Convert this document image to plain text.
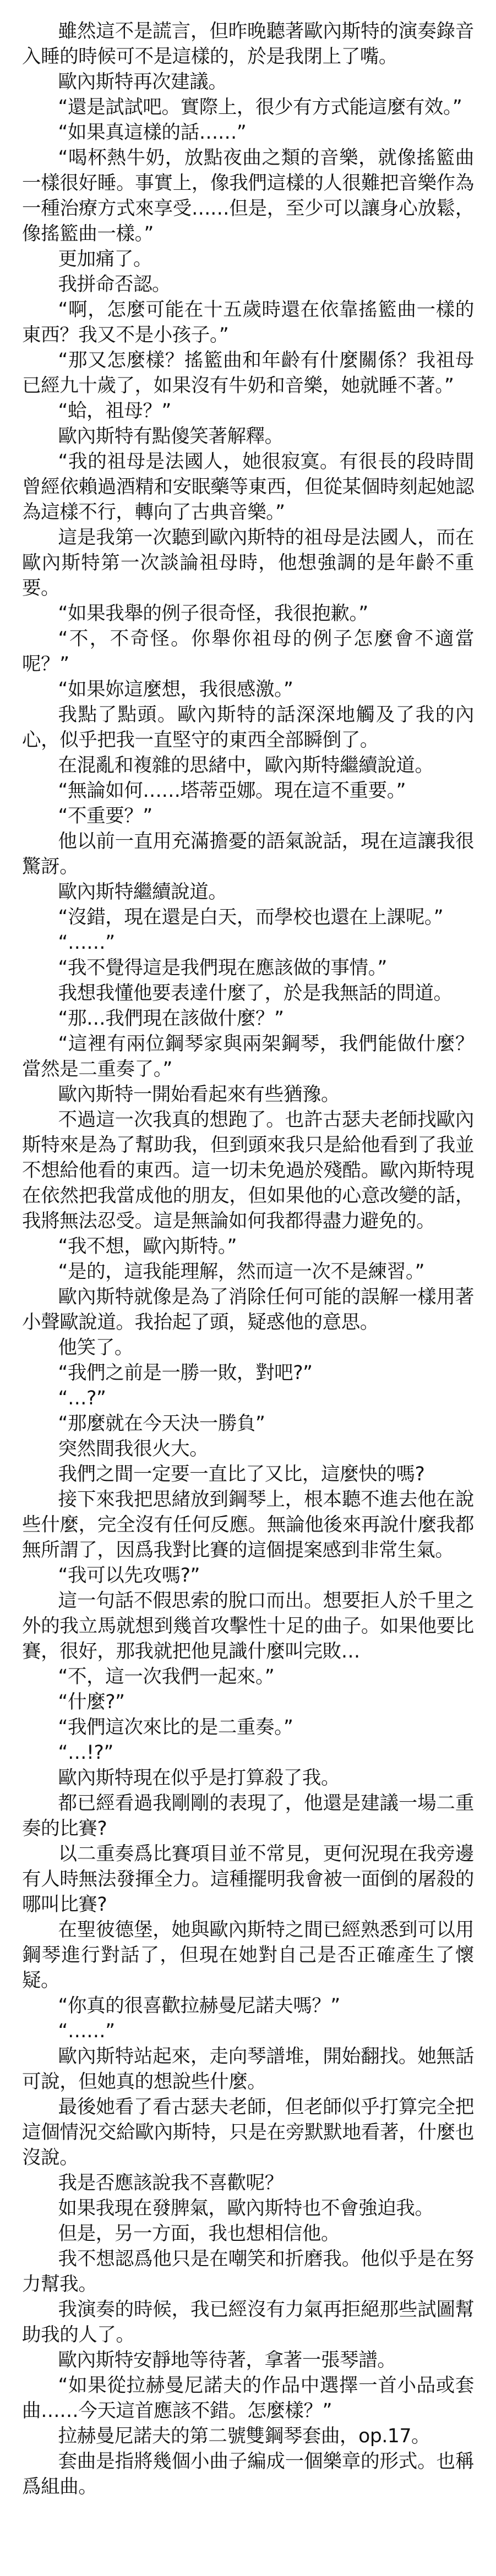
雖然這不是謊言，但昨晚聽著歐內斯特的演奏錄音入睡的時候可不是這樣的，於是我閉上了嘴。

歐內斯特再次建議。

“還是試試吧。實際上，很少有方式能這麼有效。”

“如果真這樣的話……”

“喝杯熱牛奶，放點夜曲之類的音樂，就像搖籃曲一樣很好睡。事實上，像我們這樣的人很難把音樂作為一種治療方式來享受……但是，至少可以讓身心放鬆，像搖籃曲一樣。”

更加痛了。

我拼命否認。

“啊，怎麼可能在十五歲時還在依靠搖籃曲一樣的東西？我又不是小孩子。”

“那又怎麼樣？搖籃曲和年齡有什麼關係？我祖母已經九十歲了，如果沒有牛奶和音樂，她就睡不著。”

“蛤，祖母？”

歐內斯特有點傻笑著解釋。

“我的祖母是法國人，她很寂寞。有很長的段時間曾經依賴過酒精和安眠藥等東西，但從某個時刻起她認為這樣不行，轉向了古典音樂。”

這是我第一次聽到歐內斯特的祖母是法國人，而在歐內斯特第一次談論祖母時，他想強調的是年齡不重要。

“如果我舉的例子很奇怪，我很抱歉。”

“不，不奇怪。你舉你祖母的例子怎麼會不適當呢？”

“如果妳這麼想，我很感激。”

我點了點頭。歐內斯特的話深深地觸及了我的內心，似乎把我一直堅守的東西全部瞬倒了。

在混亂和複雜的思緒中，歐內斯特繼續說道。

“無論如何……塔蒂亞娜。現在這不重要。”

“不重要？”

他以前一直用充滿擔憂的語氣說話，現在這讓我很驚訝。

歐內斯特繼續說道。

“沒錯，現在還是白天，而學校也還在上課呢。”

“……”

“我不覺得這是我們現在應該做的事情。”

我想我懂他要表達什麼了，於是我無話的問道。

“那…我們現在該做什麼？”

“這裡有兩位鋼琴家與兩架鋼琴，我們能做什麼？當然是二重奏了。”

歐內斯特一開始看起來有些猶豫。

不過這一次我真的想跑了。也許古瑟夫老師找歐內斯特來是為了幫助我，但到頭來我只是給他看到了我並不想給他看的東西。這一切未免過於殘酷。歐內斯特現在依然把我當成他的朋友，但如果他的心意改變的話，我將無法忍受。這是無論如何我都得盡力避免的。

“我不想，歐內斯特。”

“是的，這我能理解，然而這一次不是練習。”

歐內斯特就像是為了消除任何可能的誤解一樣用著小聲歐說道。我抬起了頭，疑惑他的意思。

他笑了。

“我們之前是一勝一敗，對吧?”

“…?”

“那麼就在今天決一勝負”

突然間我很火大。

我們之間一定要一直比了又比，這麼快的嗎?

接下來我把思緒放到鋼琴上，根本聽不進去他在說些什麼，完全沒有任何反應。無論他後來再說什麼我都無所謂了，因爲我對比賽的這個提案感到非常生氣。

“我可以先攻嗎?”

這一句話不假思索的脫口而出。想要拒人於千里之外的我立馬就想到幾首攻擊性十足的曲子。如果他要比賽，很好，那我就把他見識什麼叫完敗…

“不，這一次我們一起來。”

“什麼?”

“我們這次來比的是二重奏。”

“…!?”

歐內斯特現在似乎是打算殺了我。

都已經看過我剛剛的表現了，他還是建議一場二重奏的比賽?

以二重奏爲比賽項目並不常見，更何況現在我旁邊有人時無法發揮全力。這種擺明我會被一面倒的屠殺的哪叫比賽?

在聖彼德堡，她與歐內斯特之間已經熟悉到可以用鋼琴進行對話了，但現在她對自己是否正確產生了懷疑。

“你真的很喜歡拉赫曼尼諾夫嗎？”

“……”

歐內斯特站起來，走向琴譜堆，開始翻找。她無話可說，但她真的想說些什麼。

最後她看了看古瑟夫老師，但老師似乎打算完全把這個情況交給歐內斯特，只是在旁默默地看著，什麼也沒說。

我是否應該說我不喜歡呢？

如果我現在發脾氣，歐內斯特也不會強迫我。

但是，另一方面，我也想相信他。

我不想認爲他只是在嘲笑和折磨我。他似乎是在努力幫我。

我演奏的時候，我已經沒有力氣再拒絕那些試圖幫助我的人了。

歐內斯特安靜地等待著，拿著一張琴譜。

“如果從拉赫曼尼諾夫的作品中選擇一首小品或套曲……今天這首應該不錯。怎麼樣？”

拉赫曼尼諾夫的第二號雙鋼琴套曲，op.17。

套曲是指將幾個小曲子編成一個樂章的形式。也稱爲組曲。
